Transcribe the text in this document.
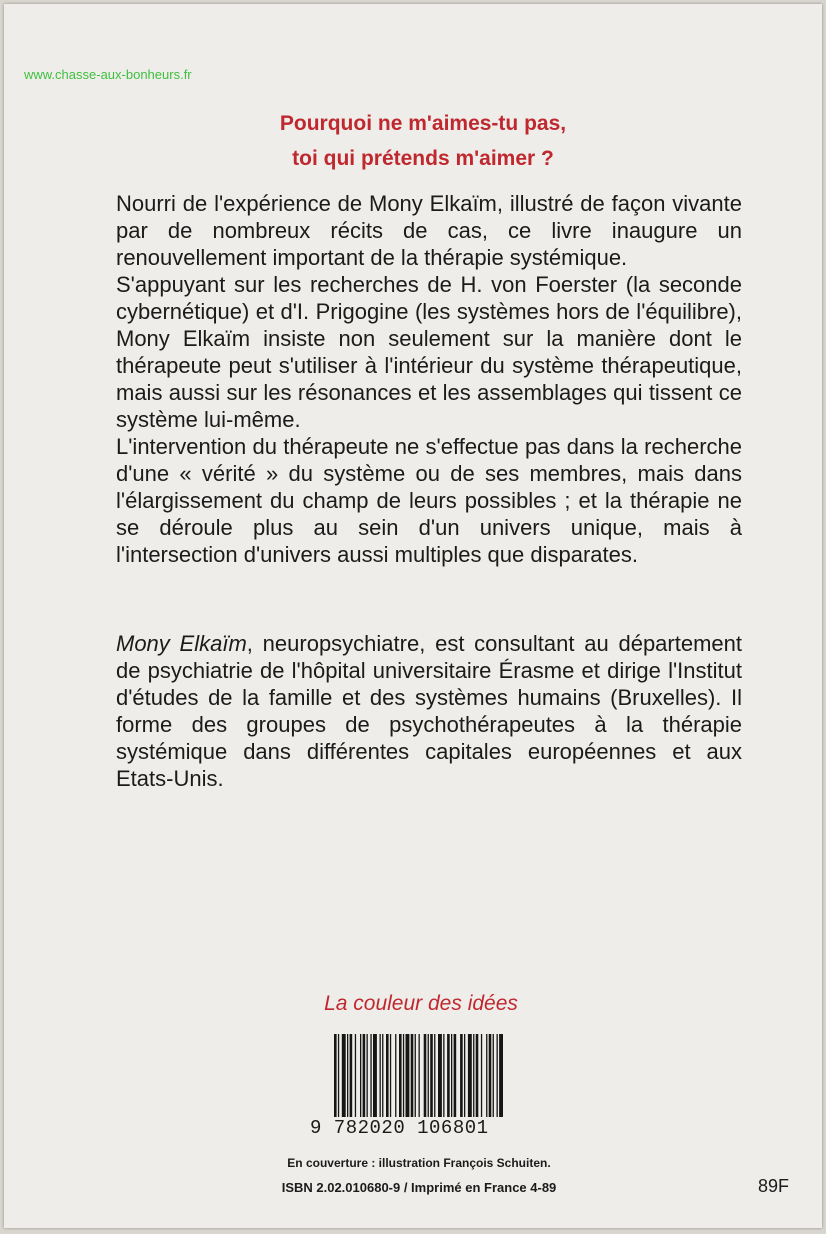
www.chasse-aux-bonheurs.fr
Pourquoi ne m'aimes-tu pas,
toi qui prétends m'aimer ?

Nourri de l'expérience de Mony Elkaïm, illustré de façon vivante par de nombreux récits de cas, ce livre inaugure un renouvellement important de la thérapie systémique.

S'appuyant sur les recherches de H. von Foerster (la seconde cybernétique) et d'I. Prigogine (les systèmes hors de l'équilibre), Mony Elkaïm insiste non seulement sur la manière dont le thérapeute peut s'utiliser à l'intérieur du système thérapeutique, mais aussi sur les résonances et les assemblages qui tissent ce système lui-même.

L'intervention du thérapeute ne s'effectue pas dans la recherche d'une « vérité » du système ou de ses membres, mais dans l'élargissement du champ de leurs possibles ; et la thérapie ne se déroule plus au sein d'un univers unique, mais à l'intersection d'univers aussi multiples que disparates.

Mony Elkaïm, neuropsychiatre, est consultant au département de psychiatrie de l'hôpital universitaire Érasme et dirige l'Institut d'études de la famille et des systèmes humains (Bruxelles). Il forme des groupes de psychothérapeutes à la thérapie systémique dans différentes capitales européennes et aux Etats-Unis.

La couleur des idées
9 782020 106801
En couverture : illustration François Schuiten.
ISBN 2.02.010680-9 / Imprimé en France 4-89	89F
